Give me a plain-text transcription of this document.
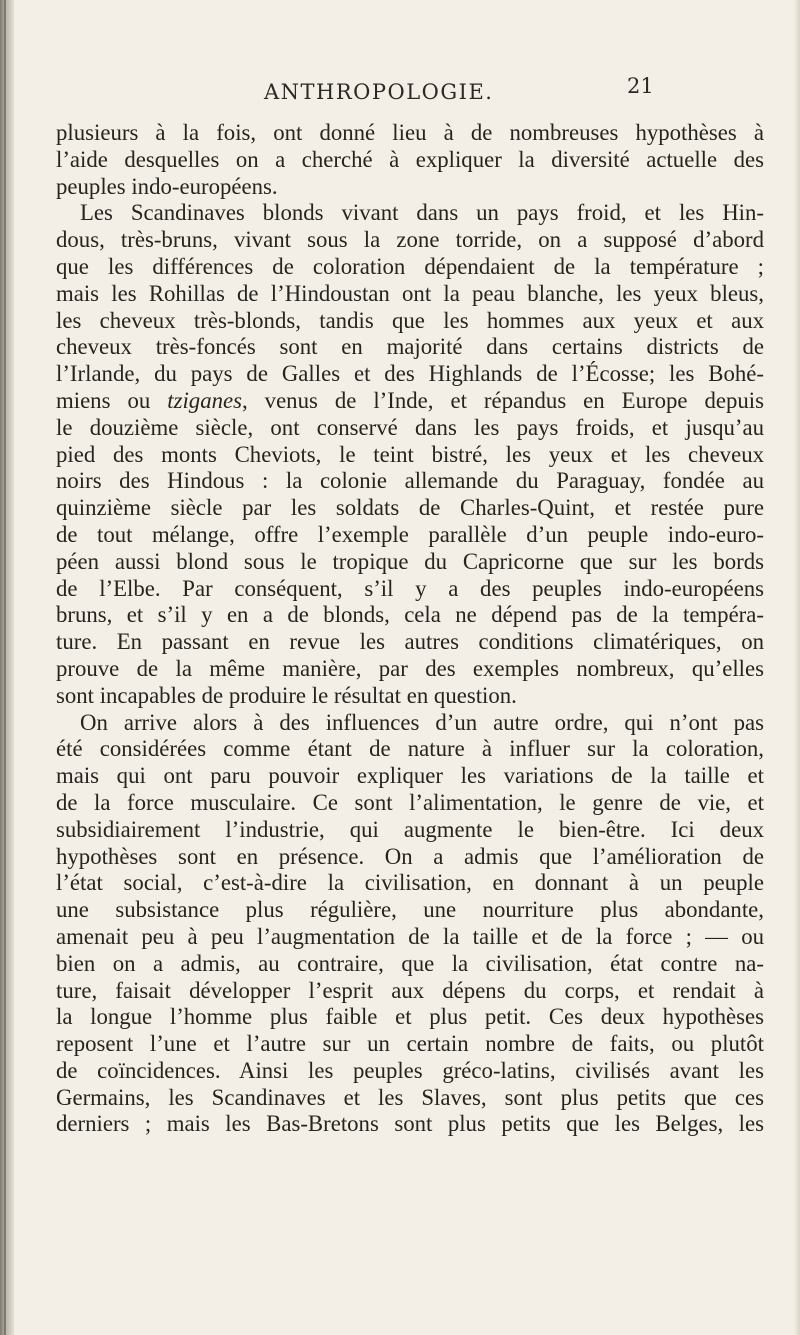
ANTHROPOLOGIE.	21
plusieurs à la fois, ont donné lieu à de nombreuses hypothèses à
l’aide desquelles on a cherché à expliquer la diversité actuelle des
peuples indo-européens.
Les Scandinaves blonds vivant dans un pays froid, et les Hin-
dous, très-bruns, vivant sous la zone torride, on a supposé d’abord
que les différences de coloration dépendaient de la température ;
mais les Rohillas de l’Hindoustan ont la peau blanche, les yeux bleus,
les cheveux très-blonds, tandis que les hommes aux yeux et aux
cheveux très-foncés sont en majorité dans certains districts de
l’Irlande, du pays de Galles et des Highlands de l’Écosse; les Bohé-
miens ou tziganes, venus de l’Inde, et répandus en Europe depuis
le douzième siècle, ont conservé dans les pays froids, et jusqu’au
pied des monts Cheviots, le teint bistré, les yeux et les cheveux
noirs des Hindous : la colonie allemande du Paraguay, fondée au
quinzième siècle par les soldats de Charles-Quint, et restée pure
de tout mélange, offre l’exemple parallèle d’un peuple indo-euro-
péen aussi blond sous le tropique du Capricorne que sur les bords
de l’Elbe. Par conséquent, s’il y a des peuples indo-européens
bruns, et s’il y en a de blonds, cela ne dépend pas de la tempéra-
ture. En passant en revue les autres conditions climatériques, on
prouve de la même manière, par des exemples nombreux, qu’elles
sont incapables de produire le résultat en question.
On arrive alors à des influences d’un autre ordre, qui n’ont pas
été considérées comme étant de nature à influer sur la coloration,
mais qui ont paru pouvoir expliquer les variations de la taille et
de la force musculaire. Ce sont l’alimentation, le genre de vie, et
subsidiairement l’industrie, qui augmente le bien-être. Ici deux
hypothèses sont en présence. On a admis que l’amélioration de
l’état social, c’est-à-dire la civilisation, en donnant à un peuple
une subsistance plus régulière, une nourriture plus abondante,
amenait peu à peu l’augmentation de la taille et de la force ; — ou
bien on a admis, au contraire, que la civilisation, état contre na-
ture, faisait développer l’esprit aux dépens du corps, et rendait à
la longue l’homme plus faible et plus petit. Ces deux hypothèses
reposent l’une et l’autre sur un certain nombre de faits, ou plutôt
de coïncidences. Ainsi les peuples gréco-latins, civilisés avant les
Germains, les Scandinaves et les Slaves, sont plus petits que ces
derniers ; mais les Bas-Bretons sont plus petits que les Belges, les
